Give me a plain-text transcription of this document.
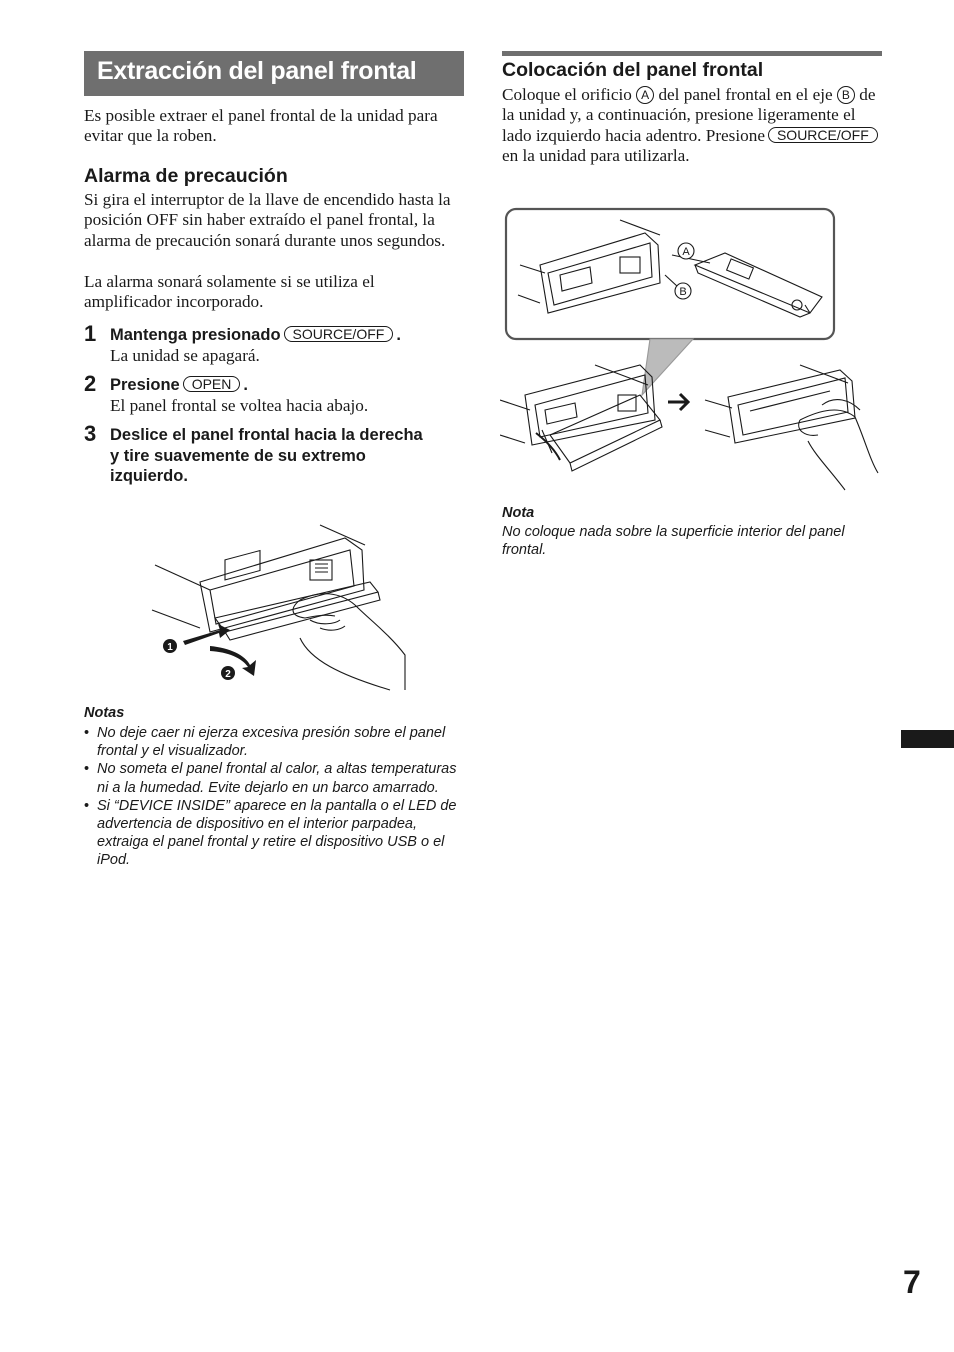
Extracción del panel frontal
Es posible extraer el panel frontal de la unidad para evitar que la roben.
Alarma de precaución
Si gira el interruptor de la llave de encendido hasta la posición OFF sin haber extraído el panel frontal, la alarma de precaución sonará durante unos segundos.
La alarma sonará solamente si se utiliza el amplificador incorporado.
1 Mantenga presionado SOURCE/OFF .
La unidad se apagará.
2 Presione OPEN .
El panel frontal se voltea hacia abajo.
3 Deslice el panel frontal hacia la derecha y tire suavemente de su extremo izquierdo.
1
2
Notas
• No deje caer ni ejerza excesiva presión sobre el panel frontal y el visualizador.
• No someta el panel frontal al calor, a altas temperaturas ni a la humedad. Evite dejarlo en un barco amarrado.
• Si “DEVICE INSIDE” aparece en la pantalla o el LED de advertencia de dispositivo en el interior parpadea, extraiga el panel frontal y retire el dispositivo USB o el iPod.
Colocación del panel frontal
Coloque el orificio A del panel frontal en el eje B de la unidad y, a continuación, presione ligeramente el lado izquierdo hacia adentro. Presione SOURCE/OFFen la unidad para utilizarla.
A
B
Nota
No coloque nada sobre la superficie interior del panel frontal.
7
